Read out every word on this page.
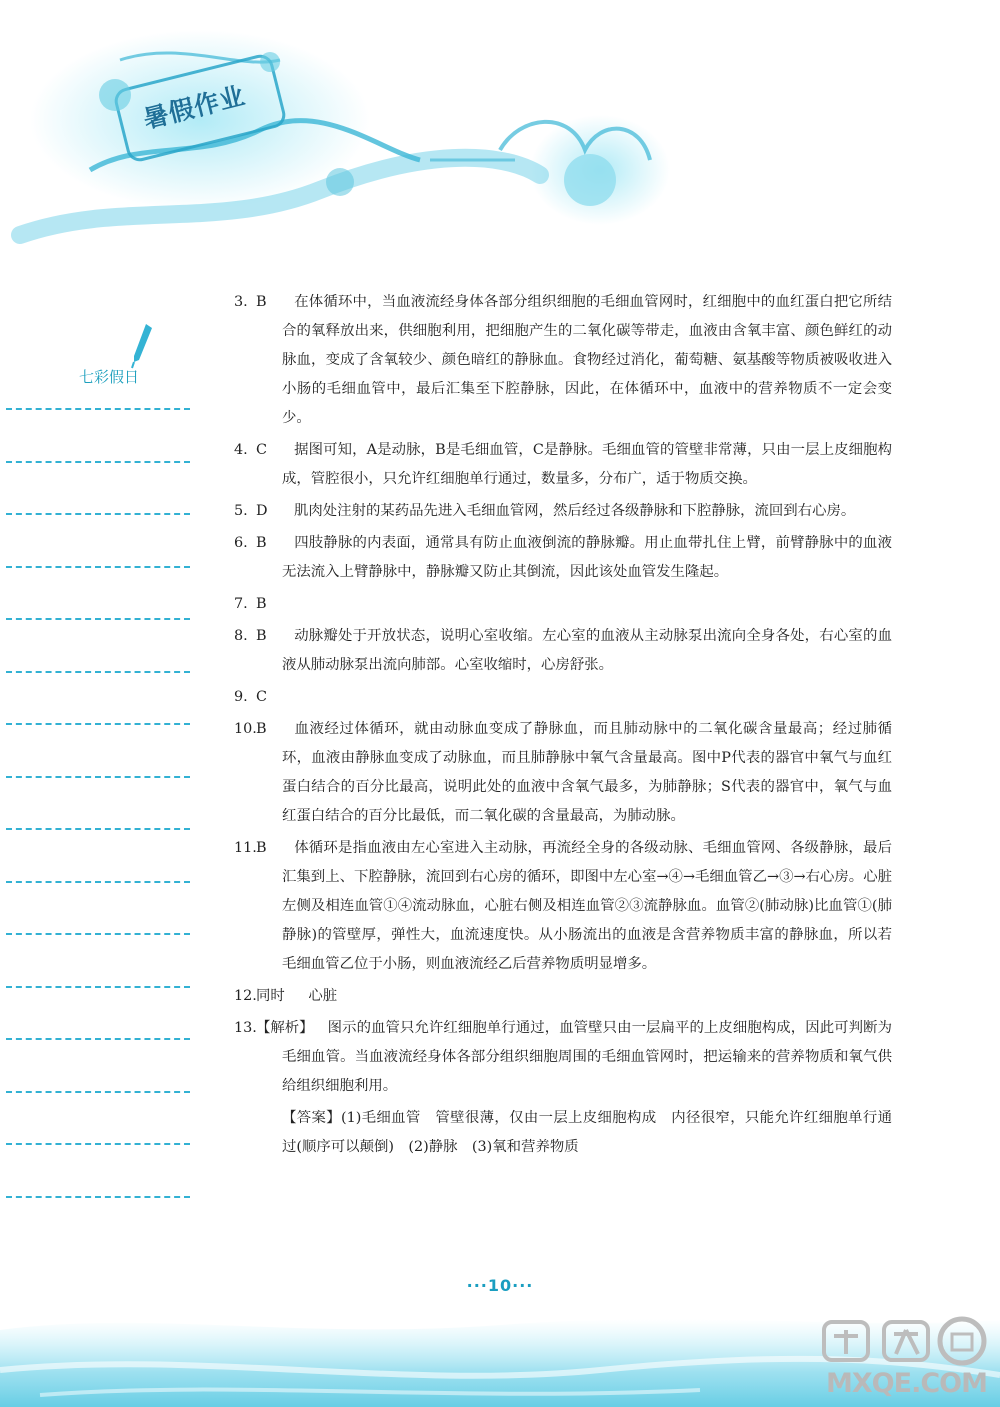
暑假作业
七彩假日
3. B 在体循环中，当血液流经身体各部分组织细胞的毛细血管网时，红细胞中的血红蛋白把它所结合的氧释放出来，供细胞利用，把细胞产生的二氧化碳等带走，血液由含氧丰富、颜色鲜红的动脉血，变成了含氧较少、颜色暗红的静脉血。食物经过消化，葡萄糖、氨基酸等物质被吸收进入小肠的毛细血管中，最后汇集至下腔静脉，因此，在体循环中，血液中的营养物质不一定会变少。
4. C 据图可知，A是动脉，B是毛细血管，C是静脉。毛细血管的管壁非常薄，只由一层上皮细胞构成，管腔很小，只允许红细胞单行通过，数量多，分布广，适于物质交换。
5. D 肌肉处注射的某药品先进入毛细血管网，然后经过各级静脉和下腔静脉，流回到右心房。
6. B 四肢静脉的内表面，通常具有防止血液倒流的静脉瓣。用止血带扎住上臂，前臂静脉中的血液无法流入上臂静脉中，静脉瓣又防止其倒流，因此该处血管发生隆起。
7. B
8. B 动脉瓣处于开放状态，说明心室收缩。左心室的血液从主动脉泵出流向全身各处，右心室的血液从肺动脉泵出流向肺部。心室收缩时，心房舒张。
9. C
10.B 血液经过体循环，就由动脉血变成了静脉血，而且肺动脉中的二氧化碳含量最高；经过肺循环，血液由静脉血变成了动脉血，而且肺静脉中氧气含量最高。图中P代表的器官中氧气与血红蛋白结合的百分比最高，说明此处的血液中含氧气最多，为肺静脉；S代表的器官中，氧气与血红蛋白结合的百分比最低，而二氧化碳的含量最高，为肺动脉。
11.B 体循环是指血液由左心室进入主动脉，再流经全身的各级动脉、毛细血管网、各级静脉，最后汇集到上、下腔静脉，流回到右心房的循环，即图中左心室→④→毛细血管乙→③→右心房。心脏左侧及相连血管①④流动脉血，心脏右侧及相连血管②③流静脉血。血管②(肺动脉)比血管①(肺静脉)的管壁厚，弹性大，血流速度快。从小肠流出的血液是含营养物质丰富的静脉血，所以若毛细血管乙位于小肠，则血液流经乙后营养物质明显增多。
12.同时 心脏
13.【解析】 图示的血管只允许红细胞单行通过，血管壁只由一层扁平的上皮细胞构成，因此可判断为毛细血管。当血液流经身体各部分组织细胞周围的毛细血管网时，把运输来的营养物质和氧气供给组织细胞利用。
【答案】(1)毛细血管　管壁很薄，仅由一层上皮细胞构成　内径很窄，只能允许红细胞单行通过(顺序可以颠倒)　(2)静脉　(3)氧和营养物质
···10···
MXQE.COM
